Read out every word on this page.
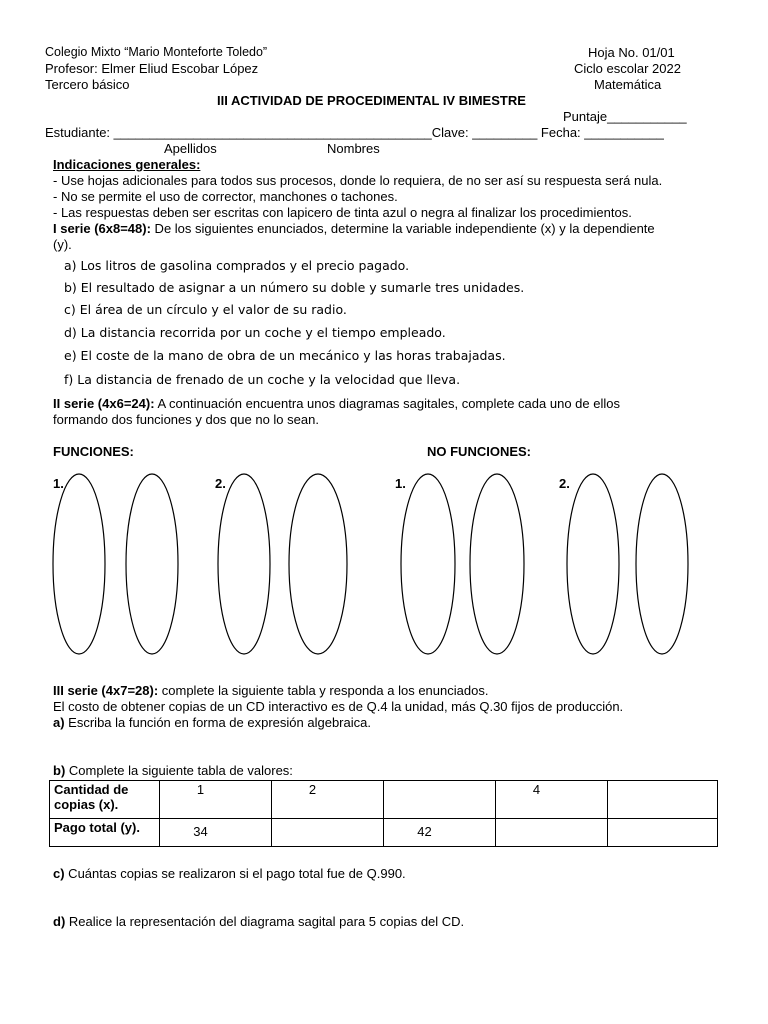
Colegio Mixto “Mario Monteforte Toledo”
Profesor: Elmer Eliud Escobar López
Tercero básico
Hoja No. 01/01
Ciclo escolar 2022
Matemática
III ACTIVIDAD DE PROCEDIMENTAL IV BIMESTRE
Puntaje___________
Estudiante: ____________________________________________Clave: _________ Fecha: ___________
Apellidos	Nombres
Indicaciones generales:
- Use hojas adicionales para todos sus procesos, donde lo requiera, de no ser así su respuesta será nula.
- No se permite el uso de corrector, manchones o tachones.
- Las respuestas deben ser escritas con lapicero de tinta azul o negra al finalizar los procedimientos.
I serie (6x8=48): De los siguientes enunciados, determine la variable independiente (x) y la dependiente
(y).
a) Los litros de gasolina comprados y el precio pagado.
b) El resultado de asignar a un número su doble y sumarle tres unidades.
c) El área de un círculo y el valor de su radio.
d) La distancia recorrida por un coche y el tiempo empleado.
e) El coste de la mano de obra de un mecánico y las horas trabajadas.
f) La distancia de frenado de un coche y la velocidad que lleva.
II serie (4x6=24): A continuación encuentra unos diagramas sagitales, complete cada uno de ellos
formando dos funciones y dos que no lo sean.
FUNCIONES:	NO FUNCIONES:
1.	2.	1.	2.
III serie (4x7=28): complete la siguiente tabla y responda a los enunciados.
El costo de obtener copias de un CD interactivo es de Q.4 la unidad, más Q.30 fijos de producción.
a) Escriba la función en forma de expresión algebraica.
b) Complete la siguiente tabla de valores:
Cantidad de copias (x).	1	2		4	
Pago total (y).	34		42		
c) Cuántas copias se realizaron si el pago total fue de Q.990.
d) Realice la representación del diagrama sagital para 5 copias del CD.
